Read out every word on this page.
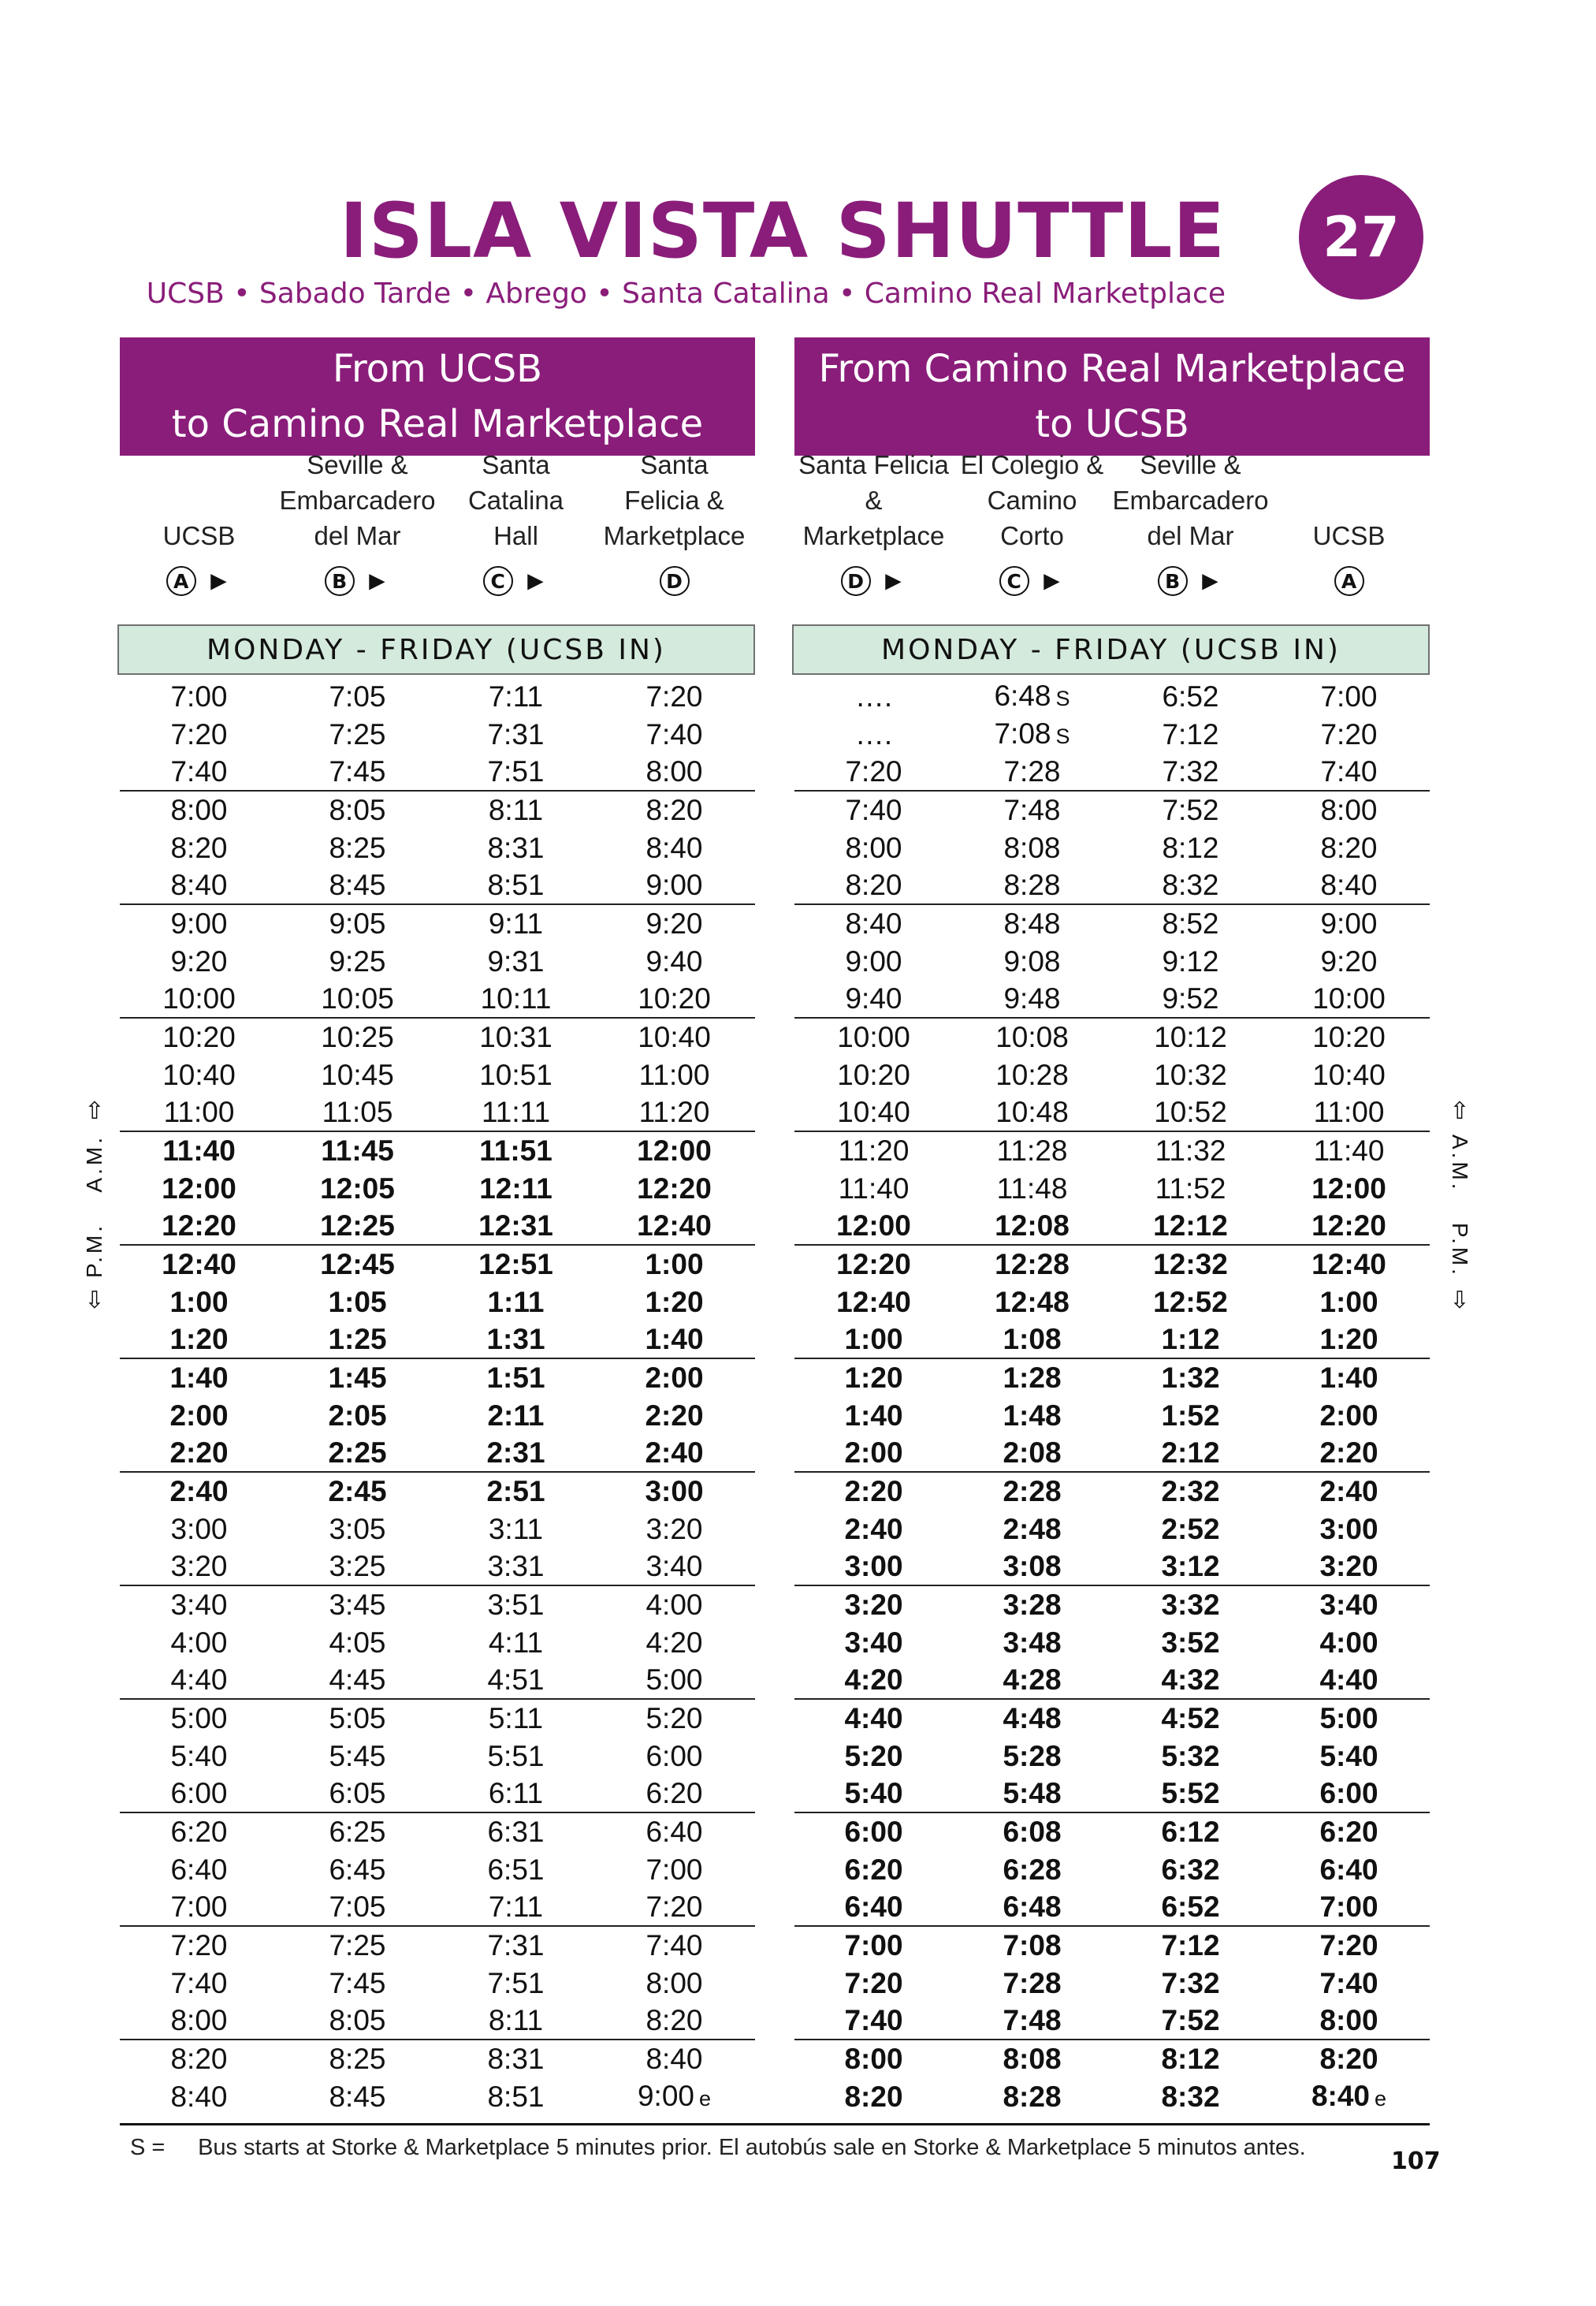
ISLA VISTA SHUTTLE	27
UCSB • Sabado Tarde • Abrego • Santa Catalina • Camino Real Marketplace
From UCSB
to Camino Real Marketplace
UCSB
Seville &
Embarcadero
del Mar
Santa
Catalina
Hall
Santa
Felicia &
Marketplace
A ►	B ►	C ►	D
MONDAY - FRIDAY (UCSB IN)
7:00	7:05	7:11	7:20
7:20	7:25	7:31	7:40
7:40	7:45	7:51	8:00
8:00	8:05	8:11	8:20
8:20	8:25	8:31	8:40
8:40	8:45	8:51	9:00
9:00	9:05	9:11	9:20
9:20	9:25	9:31	9:40
10:00	10:05	10:11	10:20
10:20	10:25	10:31	10:40
10:40	10:45	10:51	11:00
11:00	11:05	11:11	11:20
11:40	11:45	11:51	12:00
12:00	12:05	12:11	12:20
12:20	12:25	12:31	12:40
12:40	12:45	12:51	1:00
1:00	1:05	1:11	1:20
1:20	1:25	1:31	1:40
1:40	1:45	1:51	2:00
2:00	2:05	2:11	2:20
2:20	2:25	2:31	2:40
2:40	2:45	2:51	3:00
3:00	3:05	3:11	3:20
3:20	3:25	3:31	3:40
3:40	3:45	3:51	4:00
4:00	4:05	4:11	4:20
4:40	4:45	4:51	5:00
5:00	5:05	5:11	5:20
5:40	5:45	5:51	6:00
6:00	6:05	6:11	6:20
6:20	6:25	6:31	6:40
6:40	6:45	6:51	7:00
7:00	7:05	7:11	7:20
7:20	7:25	7:31	7:40
7:40	7:45	7:51	8:00
8:00	8:05	8:11	8:20
8:20	8:25	8:31	8:40
8:40	8:45	8:51	9:00 e
From Camino Real Marketplace
to UCSB
Santa Felicia
& Marketplace
El Colegio &
Camino Corto
Seville &
Embarcadero
del Mar	UCSB
D ►	C ►	B ►	A
MONDAY - FRIDAY (UCSB IN)
….	6:48 S	6:52	7:00
….	7:08 S	7:12	7:20
7:20	7:28	7:32	7:40
7:40	7:48	7:52	8:00
8:00	8:08	8:12	8:20
8:20	8:28	8:32	8:40
8:40	8:48	8:52	9:00
9:00	9:08	9:12	9:20
9:40	9:48	9:52	10:00
10:00	10:08	10:12	10:20
10:20	10:28	10:32	10:40
10:40	10:48	10:52	11:00
11:20	11:28	11:32	11:40
11:40	11:48	11:52	12:00
12:00	12:08	12:12	12:20
12:20	12:28	12:32	12:40
12:40	12:48	12:52	1:00
1:00	1:08	1:12	1:20
1:20	1:28	1:32	1:40
1:40	1:48	1:52	2:00
2:00	2:08	2:12	2:20
2:20	2:28	2:32	2:40
2:40	2:48	2:52	3:00
3:00	3:08	3:12	3:20
3:20	3:28	3:32	3:40
3:40	3:48	3:52	4:00
4:20	4:28	4:32	4:40
4:40	4:48	4:52	5:00
5:20	5:28	5:32	5:40
5:40	5:48	5:52	6:00
6:00	6:08	6:12	6:20
6:20	6:28	6:32	6:40
6:40	6:48	6:52	7:00
7:00	7:08	7:12	7:20
7:20	7:28	7:32	7:40
7:40	7:48	7:52	8:00
8:00	8:08	8:12	8:20
8:20	8:28	8:32	8:40 e
⇧
A.M.
P.M.
⇩
⇧
A.M.
P.M.
⇩
S = Bus starts at Storke & Marketplace 5 minutes prior. El autobús sale en Storke & Marketplace 5 minutos antes.	107
